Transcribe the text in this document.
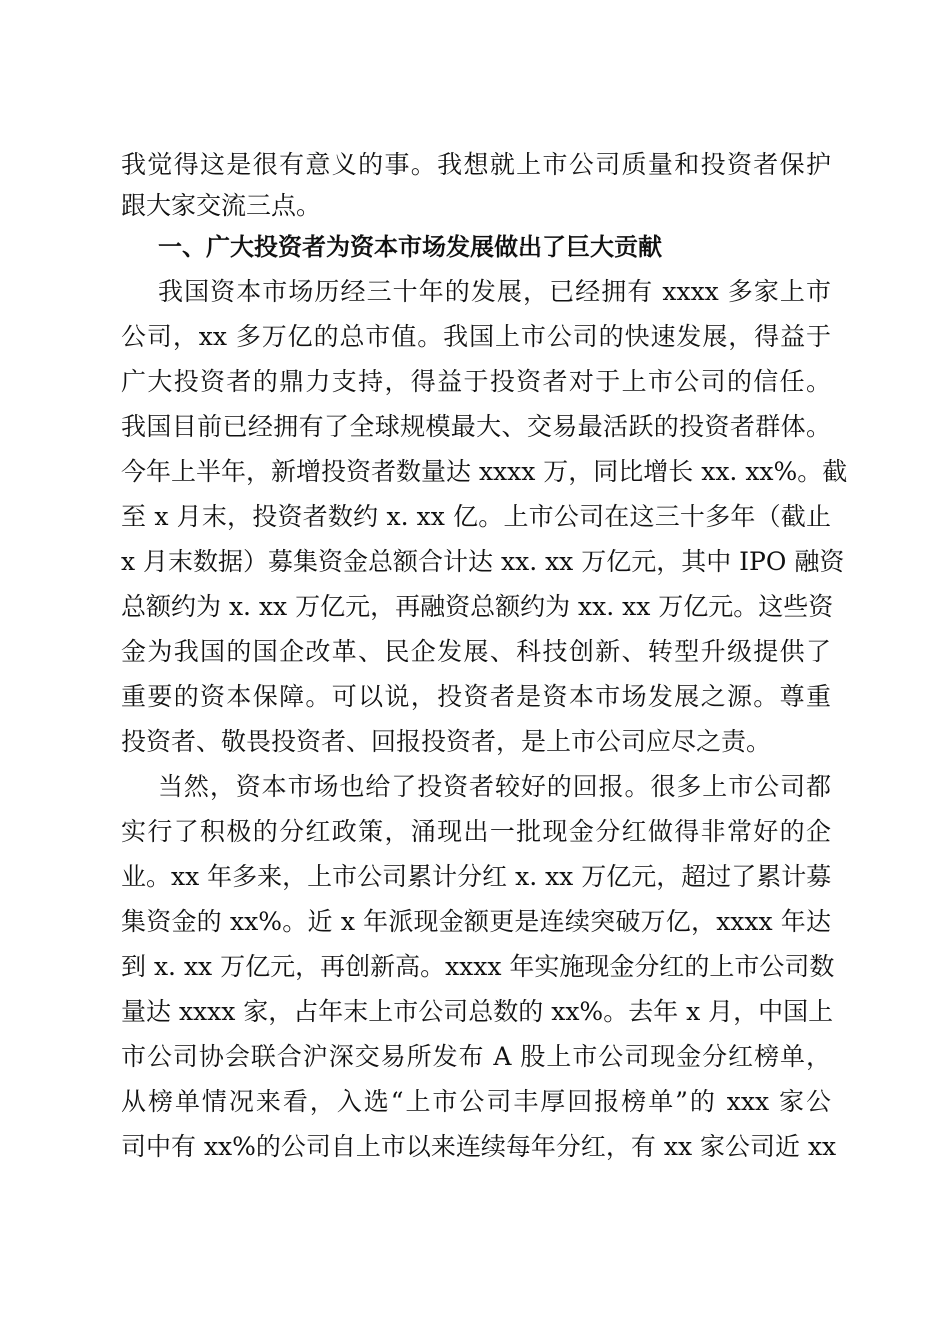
我觉得这是很有意义的事。我想就上市公司质量和投资者保护
跟大家交流三点。
一、广大投资者为资本市场发展做出了巨大贡献
我国资本市场历经三十年的发展，已经拥有 xxxx 多家上市
公司，xx 多万亿的总市值。我国上市公司的快速发展，得益于
广大投资者的鼎力支持，得益于投资者对于上市公司的信任。
我国目前已经拥有了全球规模最大、交易最活跃的投资者群体。
今年上半年，新增投资者数量达 xxxx 万，同比增长 xx. xx%。截
至 x 月末，投资者数约 x. xx 亿。上市公司在这三十多年（截止
x 月末数据）募集资金总额合计达 xx. xx 万亿元，其中 IPO 融资
总额约为 x. xx 万亿元，再融资总额约为 xx. xx 万亿元。这些资
金为我国的国企改革、民企发展、科技创新、转型升级提供了
重要的资本保障。可以说，投资者是资本市场发展之源。尊重
投资者、敬畏投资者、回报投资者，是上市公司应尽之责。
当然，资本市场也给了投资者较好的回报。很多上市公司都
实行了积极的分红政策，涌现出一批现金分红做得非常好的企
业。xx 年多来，上市公司累计分红 x. xx 万亿元，超过了累计募
集资金的 xx%。近 x 年派现金额更是连续突破万亿，xxxx 年达
到 x. xx 万亿元，再创新高。xxxx 年实施现金分红的上市公司数
量达 xxxx 家，占年末上市公司总数的 xx%。去年 x 月，中国上
市公司协会联合沪深交易所发布 A 股上市公司现金分红榜单，
从榜单情况来看，入选“上市公司丰厚回报榜单”的 xxx 家公
司中有 xx%的公司自上市以来连续每年分红，有 xx 家公司近 xx
